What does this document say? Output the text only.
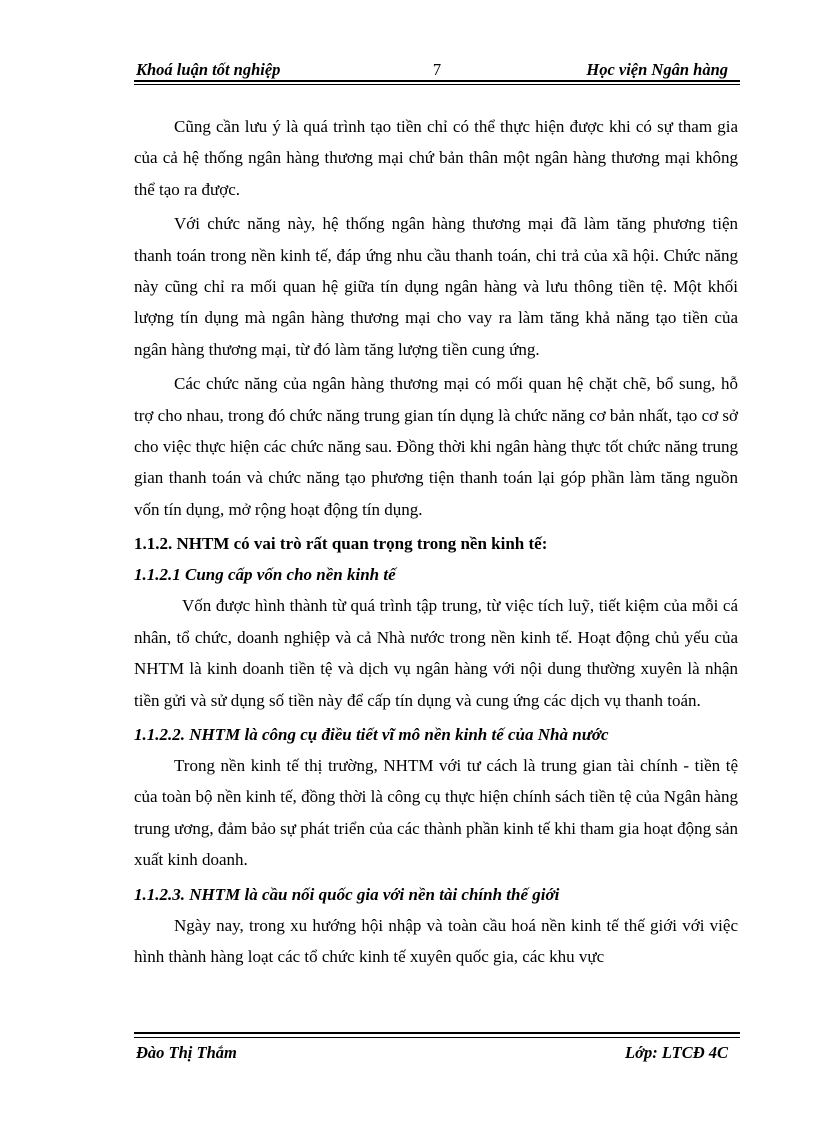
Khoá luận tốt nghiệp	7	Học viện Ngân hàng

Cũng cần lưu ý là quá trình tạo tiền chỉ có thể thực hiện được khi có sự tham gia của cả hệ thống ngân hàng thương mại chứ bản thân một ngân hàng thương mại không thể tạo ra được.

Với chức năng này, hệ thống ngân hàng thương mại đã làm tăng phương tiện thanh toán trong nền kinh tế, đáp ứng nhu cầu thanh toán, chi trả của xã hội. Chức năng này cũng chỉ ra mối quan hệ giữa tín dụng ngân hàng và lưu thông tiền tệ. Một khối lượng tín dụng mà ngân hàng thương mại cho vay ra làm tăng khả năng tạo tiền của ngân hàng thương mại, từ đó làm tăng lượng tiền cung ứng.

Các chức năng của ngân hàng thương mại có mối quan hệ chặt chẽ, bổ sung, hỗ trợ cho nhau, trong đó chức năng trung gian tín dụng là chức năng cơ bản nhất, tạo cơ sở cho việc thực hiện các chức năng sau. Đồng thời khi ngân hàng thực tốt chức năng trung gian thanh toán và chức năng tạo phương tiện thanh toán lại góp phần làm tăng nguồn vốn tín dụng, mở rộng hoạt động tín dụng.

1.1.2. NHTM có vai trò rất quan trọng trong nền kinh tế:
1.1.2.1 Cung cấp vốn cho nền kinh tế

Vốn được hình thành từ quá trình tập trung, từ việc tích luỹ, tiết kiệm của mỗi cá nhân, tổ chức, doanh nghiệp và cả Nhà nước trong nền kinh tế. Hoạt động chủ yếu của NHTM là kinh doanh tiền tệ và dịch vụ ngân hàng với nội dung thường xuyên là nhận tiền gửi và sử dụng số tiền này để cấp tín dụng và cung ứng các dịch vụ thanh toán.

1.1.2.2. NHTM là công cụ điều tiết vĩ mô nền kinh tế của Nhà nước

Trong nền kinh tế thị trường, NHTM với tư cách là trung gian tài chính - tiền tệ của toàn bộ nền kinh tế, đồng thời là công cụ thực hiện chính sách tiền tệ của Ngân hàng trung ương, đảm bảo sự phát triển của các thành phần kinh tế khi tham gia hoạt động sản xuất kinh doanh.

1.1.2.3. NHTM là cầu nối quốc gia với nền tài chính thế giới

Ngày nay, trong xu hướng hội nhập và toàn cầu hoá nền kinh tế thế giới với việc hình thành hàng loạt các tổ chức kinh tế xuyên quốc gia, các khu vực

Đào Thị Thắm	Lớp: LTCĐ 4C
